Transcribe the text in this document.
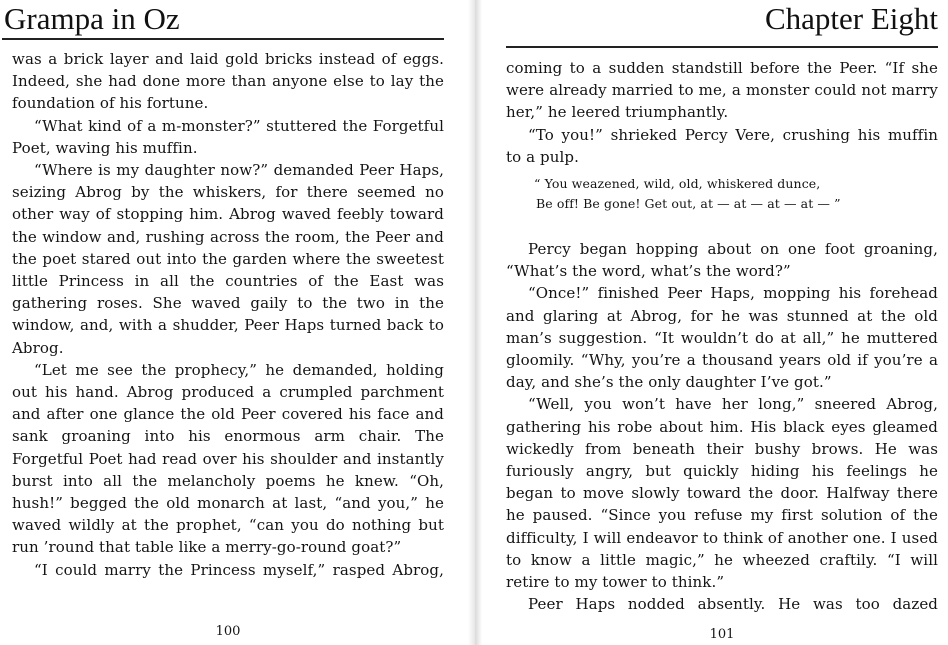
Grampa in Oz

was a brick layer and laid gold bricks instead of eggs. Indeed, she had done more than anyone else to lay the foundation of his fortune.

“What kind of a m-monster?” stuttered the Forgetful Poet, waving his muffin.

“Where is my daughter now?” demanded Peer Haps, seizing Abrog by the whiskers, for there seemed no other way of stopping him. Abrog waved feebly toward the window and, rushing across the room, the Peer and the poet stared out into the garden where the sweetest little Princess in all the countries of the East was gathering roses. She waved gaily to the two in the window, and, with a shudder, Peer Haps turned back to Abrog.

“Let me see the prophecy,” he demanded, holding out his hand. Abrog produced a crumpled parchment and after one glance the old Peer covered his face and sank groaning into his enormous arm chair. The Forgetful Poet had read over his shoulder and instantly burst into all the melancholy poems he knew. “Oh, hush!” begged the old monarch at last, “and you,” he waved wildly at the prophet, “can you do nothing but run ’round that table like a merry-go-round goat?”

“I could marry the Princess myself,” rasped Abrog,

100
Chapter Eight

coming to a sudden standstill before the Peer. “If she were already married to me, a monster could not marry her,” he leered triumphantly.

“To you!” shrieked Percy Vere, crushing his muffin to a pulp.

“ You weazened, wild, old, whiskered dunce,
Be off! Be gone! Get out, at — at — at — at — ”

Percy began hopping about on one foot groaning, “What’s the word, what’s the word?”

“Once!” finished Peer Haps, mopping his forehead and glaring at Abrog, for he was stunned at the old man’s suggestion. “It wouldn’t do at all,” he muttered gloomily. “Why, you’re a thousand years old if you’re a day, and she’s the only daughter I’ve got.”

“Well, you won’t have her long,” sneered Abrog, gathering his robe about him. His black eyes gleamed wickedly from beneath their bushy brows. He was furiously angry, but quickly hiding his feelings he began to move slowly toward the door. Halfway there he paused. “Since you refuse my first solution of the difficulty, I will endeavor to think of another one. I used to know a little magic,” he wheezed craftily. “I will retire to my tower to think.”

Peer Haps nodded absently. He was too dazed

101
